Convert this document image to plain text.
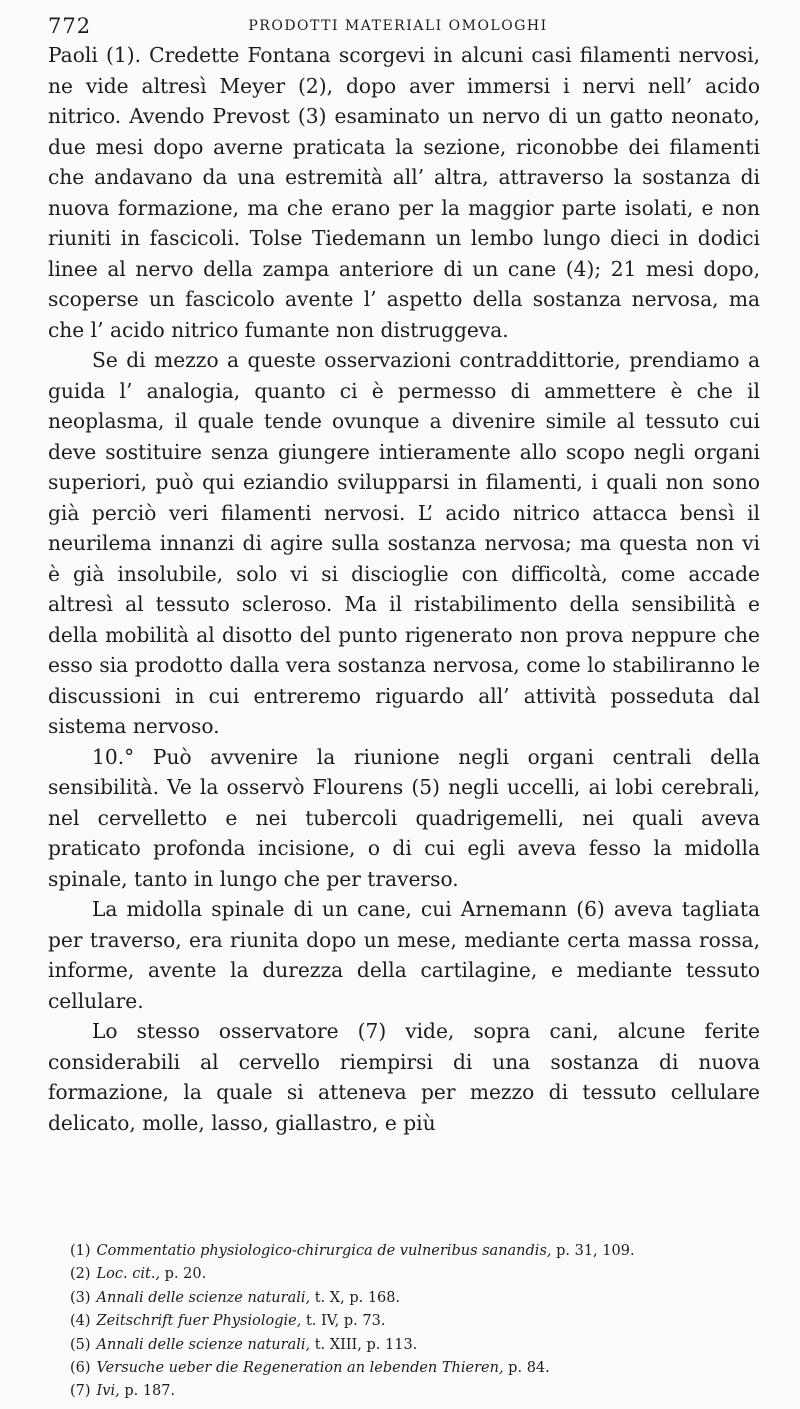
772	PRODOTTI MATERIALI OMOLOGHI

Paoli (1). Credette Fontana scorgevi in alcuni casi filamenti nervosi, ne vide altresì Meyer (2), dopo aver immersi i nervi nell’ acido nitrico. Avendo Prevost (3) esaminato un nervo di un gatto neonato, due mesi dopo averne praticata la sezione, riconobbe dei filamenti che andavano da una estremità all’ altra, attraverso la sostanza di nuova formazione, ma che erano per la maggior parte isolati, e non riuniti in fascicoli. Tolse Tiedemann un lembo lungo dieci in dodici linee al nervo della zampa anteriore di un cane (4); 21 mesi dopo, scoperse un fascicolo avente l’ aspetto della sostanza nervosa, ma che l’ acido nitrico fumante non distruggeva.

Se di mezzo a queste osservazioni contraddittorie, prendiamo a guida l’ analogia, quanto ci è permesso di ammettere è che il neoplasma, il quale tende ovunque a divenire simile al tessuto cui deve sostituire senza giungere intieramente allo scopo negli organi superiori, può qui eziandio svilupparsi in filamenti, i quali non sono già perciò veri filamenti nervosi. L’ acido nitrico attacca bensì il neurilema innanzi di agire sulla sostanza nervosa; ma questa non vi è già insolubile, solo vi si discioglie con difficoltà, come accade altresì al tessuto scleroso. Ma il ristabilimento della sensibilità e della mobilità al disotto del punto rigenerato non prova neppure che esso sia prodotto dalla vera sostanza nervosa, come lo stabiliranno le discussioni in cui entreremo riguardo all’ attività posseduta dal sistema nervoso.

10.° Può avvenire la riunione negli organi centrali della sensibilità. Ve la osservò Flourens (5) negli uccelli, ai lobi cerebrali, nel cervelletto e nei tubercoli quadrigemelli, nei quali aveva praticato profonda incisione, o di cui egli aveva fesso la midolla spinale, tanto in lungo che per traverso.

La midolla spinale di un cane, cui Arnemann (6) aveva tagliata per traverso, era riunita dopo un mese, mediante certa massa rossa, informe, avente la durezza della cartilagine, e mediante tessuto cellulare.

Lo stesso osservatore (7) vide, sopra cani, alcune ferite considerabili al cervello riempirsi di una sostanza di nuova formazione, la quale si atteneva per mezzo di tessuto cellulare delicato, molle, lasso, giallastro, e più

(1) Commentatio physiologico-chirurgica de vulneribus sanandis, p. 31, 109.
(2) Loc. cit., p. 20.
(3) Annali delle scienze naturali, t. X, p. 168.
(4) Zeitschrift fuer Physiologie, t. IV, p. 73.
(5) Annali delle scienze naturali, t. XIII, p. 113.
(6) Versuche ueber die Regeneration an lebenden Thieren, p. 84.
(7) Ivi, p. 187.
